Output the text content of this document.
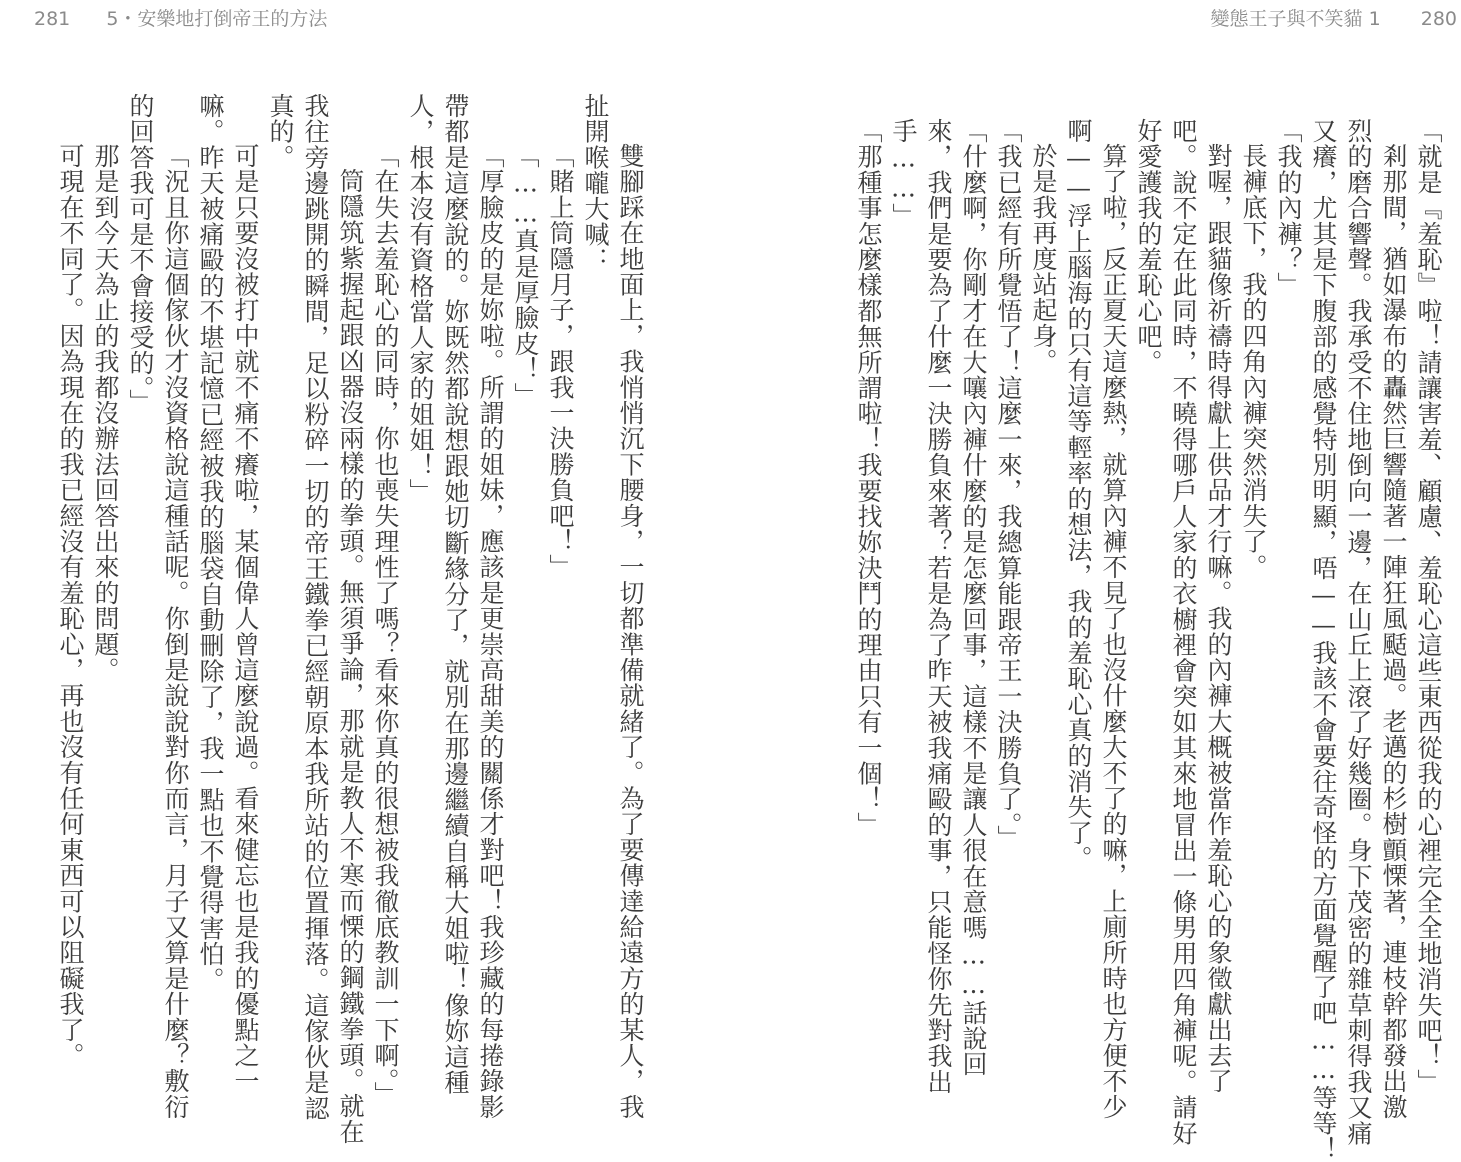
281 5・安樂地打倒帝王的方法	變態王子與不笑貓 1 280
「就是『羞恥』啦！請讓害羞、顧慮、羞恥心這些東西從我的心裡完全全地消失吧！」
剎那間，猶如瀑布的轟然巨響隨著一陣狂風颳過。老邁的杉樹顫慄著，連枝幹都發出激
烈的磨合響聲。我承受不住地倒向一邊，在山丘上滾了好幾圈。身下茂密的雜草刺得我又痛
又癢，尤其是下腹部的感覺特別明顯，唔——我該不會要往奇怪的方面覺醒了吧……等等！
「我的內褲？」
長褲底下，我的四角內褲突然消失了。
對喔，跟貓像祈禱時得獻上供品才行嘛。我的內褲大概被當作羞恥心的象徵獻出去了
吧。說不定在此同時，不曉得哪戶人家的衣櫥裡會突如其來地冒出一條男用四角褲呢。請好
好愛護我的羞恥心吧。
算了啦，反正夏天這麼熱，就算內褲不見了也沒什麼大不了的嘛，上廁所時也方便不少
啊——浮上腦海的只有這等輕率的想法，我的羞恥心真的消失了。
於是我再度站起身。
「我已經有所覺悟了！這麼一來，我總算能跟帝王一決勝負了。」
「什麼啊，你剛才在大嚷內褲什麼的是怎麼回事，這樣不是讓人很在意嗎……話說回
來，我們是要為了什麼一決勝負來著？若是為了昨天被我痛毆的事，只能怪你先對我出
手……」
「那種事怎麼樣都無所謂啦！我要找妳決鬥的理由只有一個！」
雙腳踩在地面上，我悄悄沉下腰身，一切都準備就緒了。為了要傳達給遠方的某人，我
扯開喉嚨大喊：
「賭上筒隱月子，跟我一決勝負吧！」
「……真是厚臉皮！」
「厚臉皮的是妳啦。所謂的姐妹，應該是更崇高甜美的關係才對吧！我珍藏的每捲錄影
帶都是這麼說的。妳既然都說想跟她切斷緣分了，就別在那邊繼續自稱大姐啦！像妳這種
人，根本沒有資格當人家的姐姐！」
「在失去羞恥心的同時，你也喪失理性了嗎？看來你真的很想被我徹底教訓一下啊。」
筒隱筑紫握起跟凶器沒兩樣的拳頭。無須爭論，那就是教人不寒而慄的鋼鐵拳頭。就在
我往旁邊跳開的瞬間，足以粉碎一切的帝王鐵拳已經朝原本我所站的位置揮落。這傢伙是認
真的。
可是只要沒被打中就不痛不癢啦，某個偉人曾這麼說過。看來健忘也是我的優點之一
嘛。昨天被痛毆的不堪記憶已經被我的腦袋自動刪除了，我一點也不覺得害怕。
「況且你這個傢伙才沒資格說這種話呢。你倒是說說對你而言，月子又算是什麼？敷衍
的回答我可是不會接受的。」
那是到今天為止的我都沒辦法回答出來的問題。
可現在不同了。因為現在的我已經沒有羞恥心，再也沒有任何東西可以阻礙我了。
